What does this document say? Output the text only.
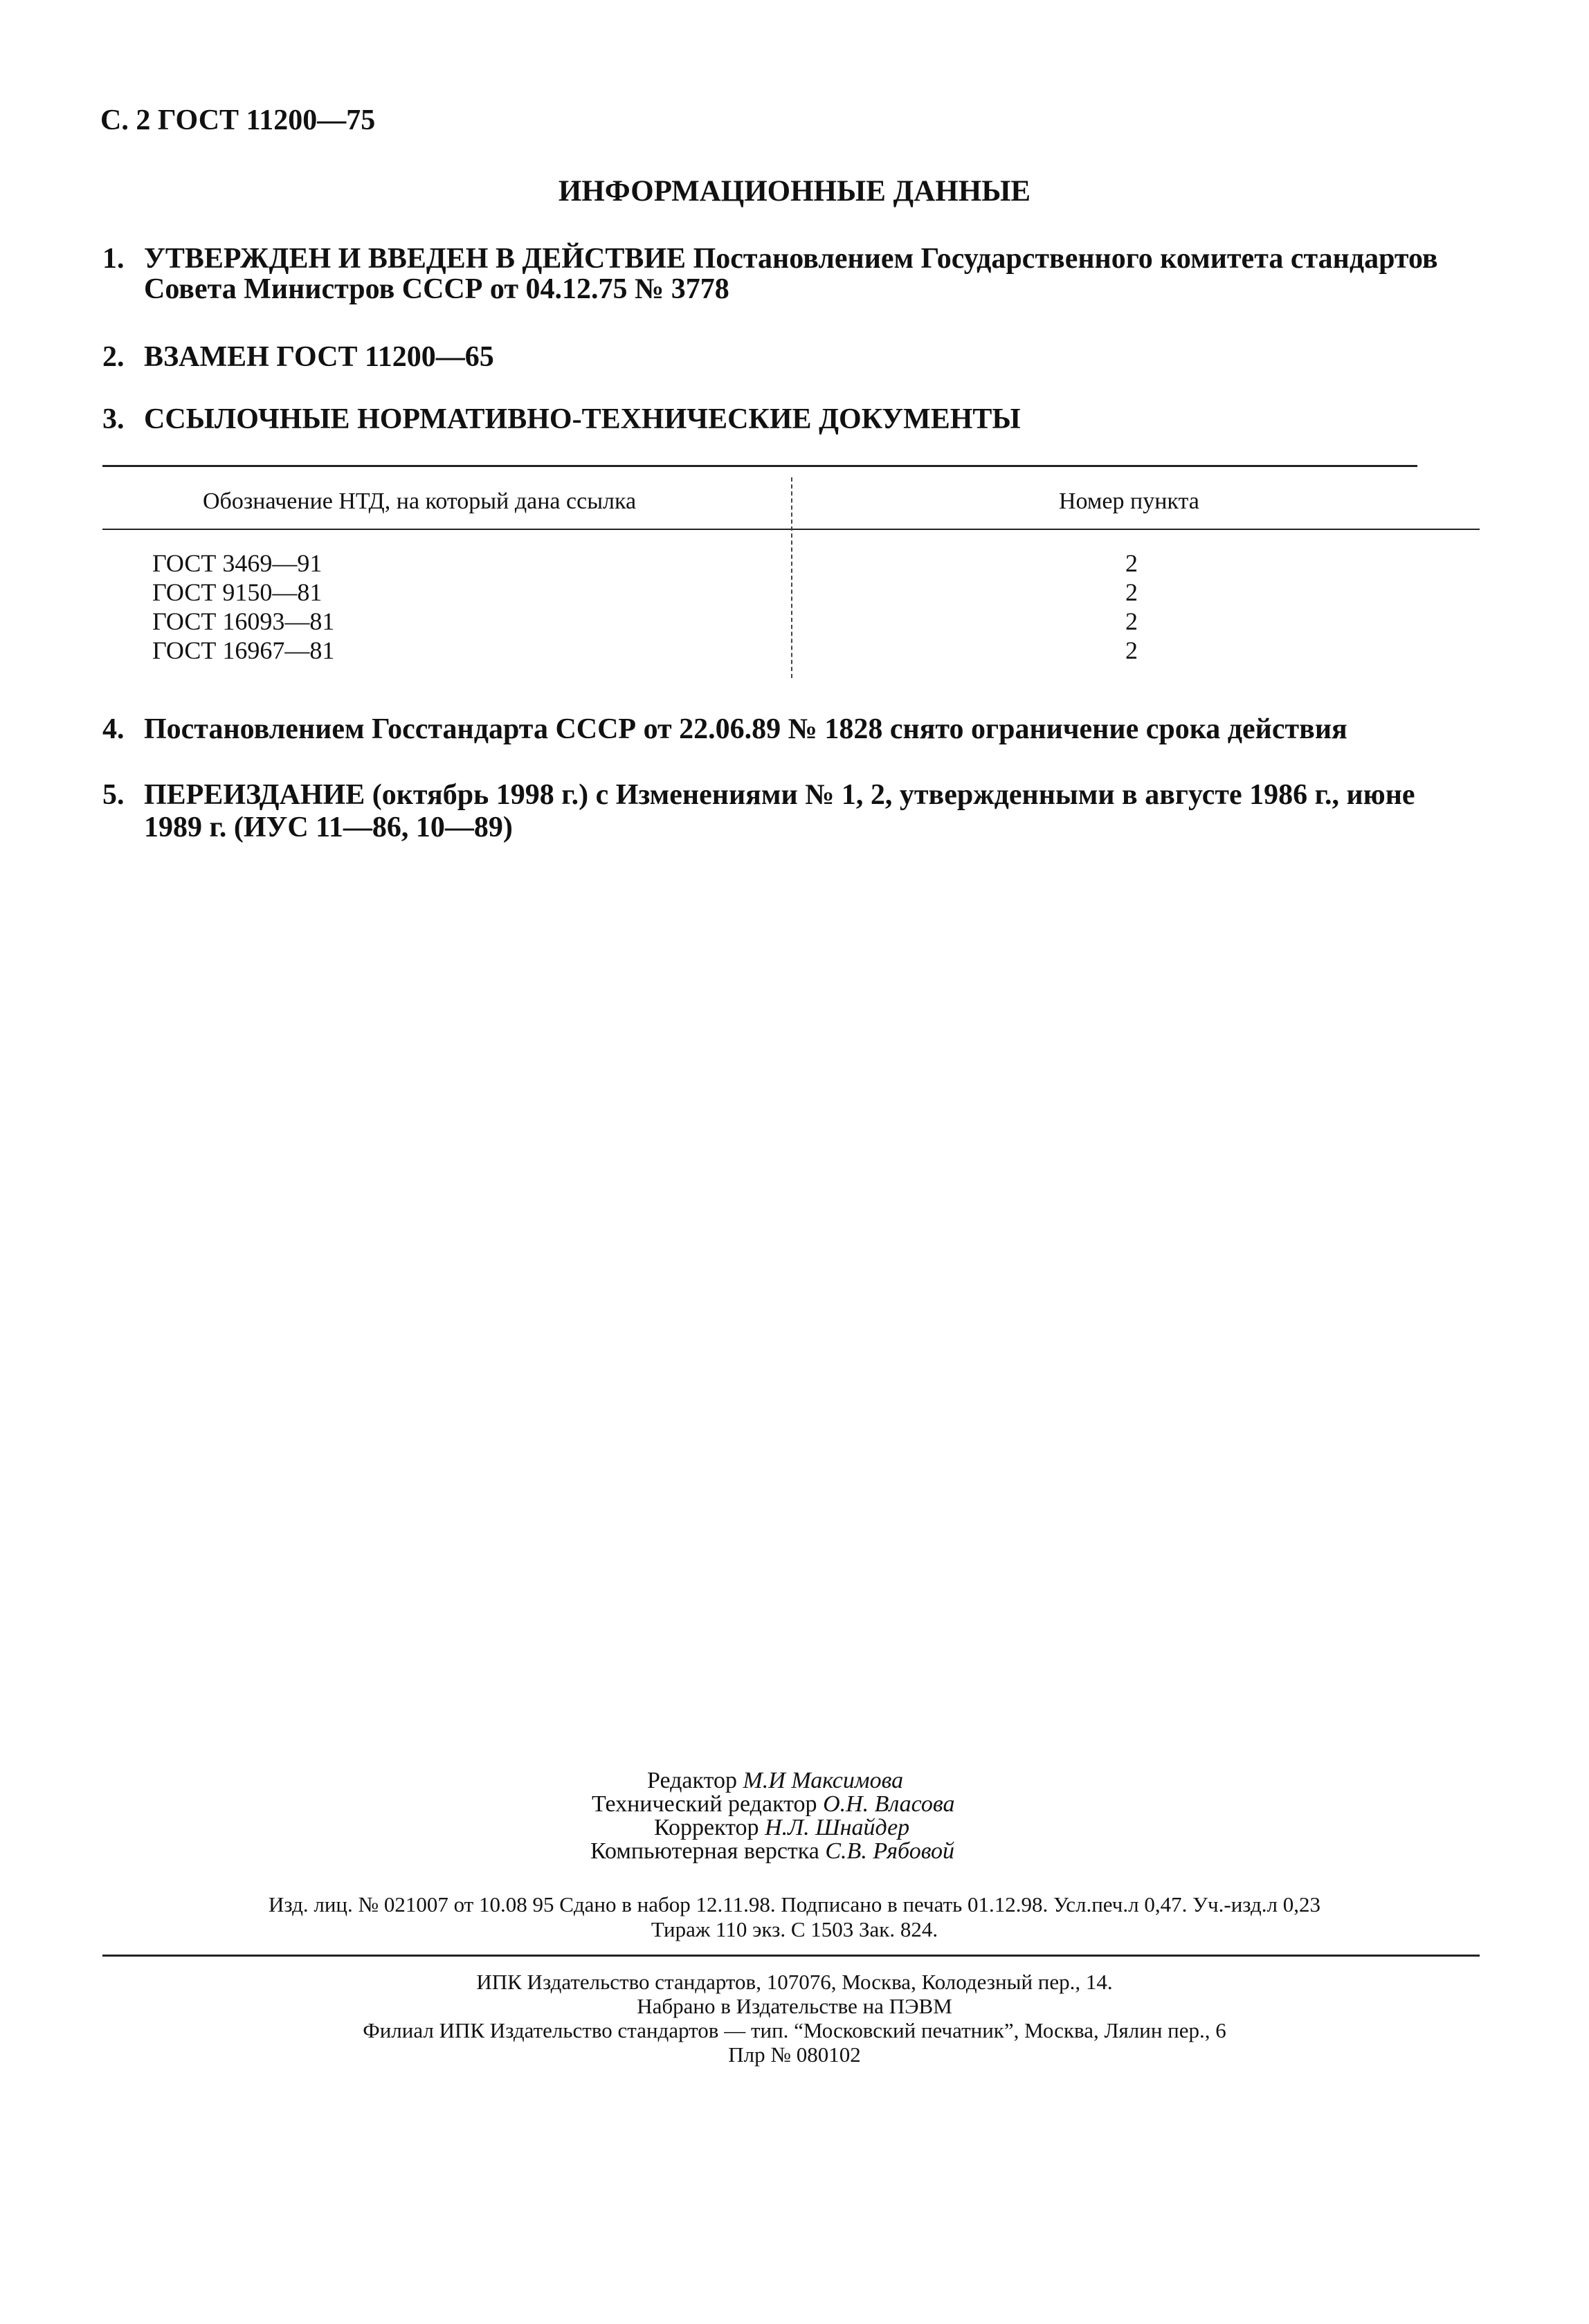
С. 2 ГОСТ 11200—75
ИНФОРМАЦИОННЫЕ ДАННЫЕ
1. УТВЕРЖДЕН И ВВЕДЕН В ДЕЙСТВИЕ Постановлением Государственного комитета стандартов
Совета Министров СССР от 04.12.75 № 3778
2. ВЗАМЕН ГОСТ 11200—65
3. ССЫЛОЧНЫЕ НОРМАТИВНО-ТЕХНИЧЕСКИЕ ДОКУМЕНТЫ
Обозначение НТД, на который дана ссылка	Номер пункта
ГОСТ 3469—91
ГОСТ 9150—81
ГОСТ 16093—81
ГОСТ 16967—81
2
2
2
2
4. Постановлением Госстандарта СССР от 22.06.89 № 1828 снято ограничение срока действия
5. ПЕРЕИЗДАНИЕ (октябрь 1998 г.) с Изменениями № 1, 2, утвержденными в августе 1986 г., июне
1989 г. (ИУС 11—86, 10—89)
Редактор М.И Максимова
Технический редактор О.Н. Власова
Корректор Н.Л. Шнайдер
Компьютерная верстка С.В. Рябовой
Изд. лиц. № 021007 от 10.08 95 Сдано в набор 12.11.98. Подписано в печать 01.12.98. Усл.печ.л 0,47. Уч.-изд.л 0,23
Тираж 110 экз. С 1503 Зак. 824.
ИПК Издательство стандартов, 107076, Москва, Колодезный пер., 14.
Набрано в Издательстве на ПЭВМ
Филиал ИПК Издательство стандартов — тип. “Московский печатник”, Москва, Лялин пер., 6
Плр № 080102
